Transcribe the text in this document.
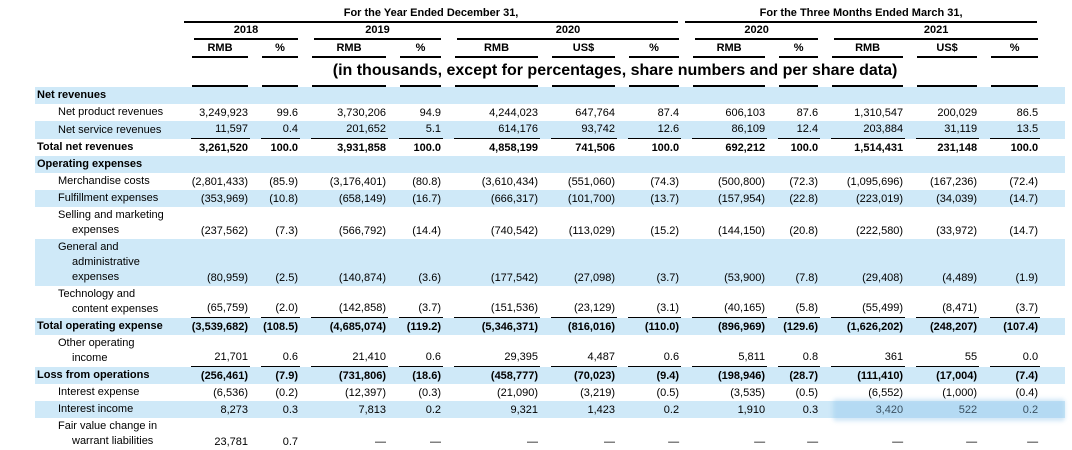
	For the Year Ended December 31,							For the Three Months Ended March 31,					

	2018		2019		2020			2020		2021			

	RMB	%	RMB	%	RMB	US$	%	RMB	%	RMB	US$	%	

(in thousands, except for percentages, share numbers and per share data)													

Net revenues													

Net product revenues	3,249,923	99.6	3,730,206	94.9	4,244,023	647,764	87.4	606,103	87.6	1,310,547	200,029	86.5	

Net service revenues	11,597	0.4	201,652	5.1	614,176	93,742	12.6	86,109	12.4	203,884	31,119	13.5	

Total net revenues	3,261,520	100.0	3,931,858	100.0	4,858,199	741,506	100.0	692,212	100.0	1,514,431	231,148	100.0	

Operating expenses													

Merchandise costs	(2,801,433)	(85.9)	(3,176,401)	(80.8)	(3,610,434)	(551,060)	(74.3)	(500,800)	(72.3)	(1,095,696)	(167,236)	(72.4)	

Fulfillment expenses	(353,969)	(10.8)	(658,149)	(16.7)	(666,317)	(101,700)	(13.7)	(157,954)	(22.8)	(223,019)	(34,039)	(14.7)	

Selling and marketing
expenses	(237,562)	(7.3)	(566,792)	(14.4)	(740,542)	(113,029)	(15.2)	(144,150)	(20.8)	(222,580)	(33,972)	(14.7)	

General and
administrative
expenses	(80,959)	(2.5)	(140,874)	(3.6)	(177,542)	(27,098)	(3.7)	(53,900)	(7.8)	(29,408)	(4,489)	(1.9)	

Technology and
content expenses	(65,759)	(2.0)	(142,858)	(3.7)	(151,536)	(23,129)	(3.1)	(40,165)	(5.8)	(55,499)	(8,471)	(3.7)	

Total operating expense	(3,539,682)	(108.5)	(4,685,074)	(119.2)	(5,346,371)	(816,016)	(110.0)	(896,969)	(129.6)	(1,626,202)	(248,207)	(107.4)	

Other operating
income	21,701	0.6	21,410	0.6	29,395	4,487	0.6	5,811	0.8	361	55	0.0	

Loss from operations	(256,461)	(7.9)	(731,806)	(18.6)	(458,777)	(70,023)	(9.4)	(198,946)	(28.7)	(111,410)	(17,004)	(7.4)	

Interest expense	(6,536)	(0.2)	(12,397)	(0.3)	(21,090)	(3,219)	(0.5)	(3,535)	(0.5)	(6,552)	(1,000)	(0.4)	

Interest income	8,273	0.3	7,813	0.2	9,321	1,423	0.2	1,910	0.3	3,420	522	0.2	

Fair value change in
warrant liabilities	23,781	0.7	—	—	—	—	—	—	—	—	—	—	
